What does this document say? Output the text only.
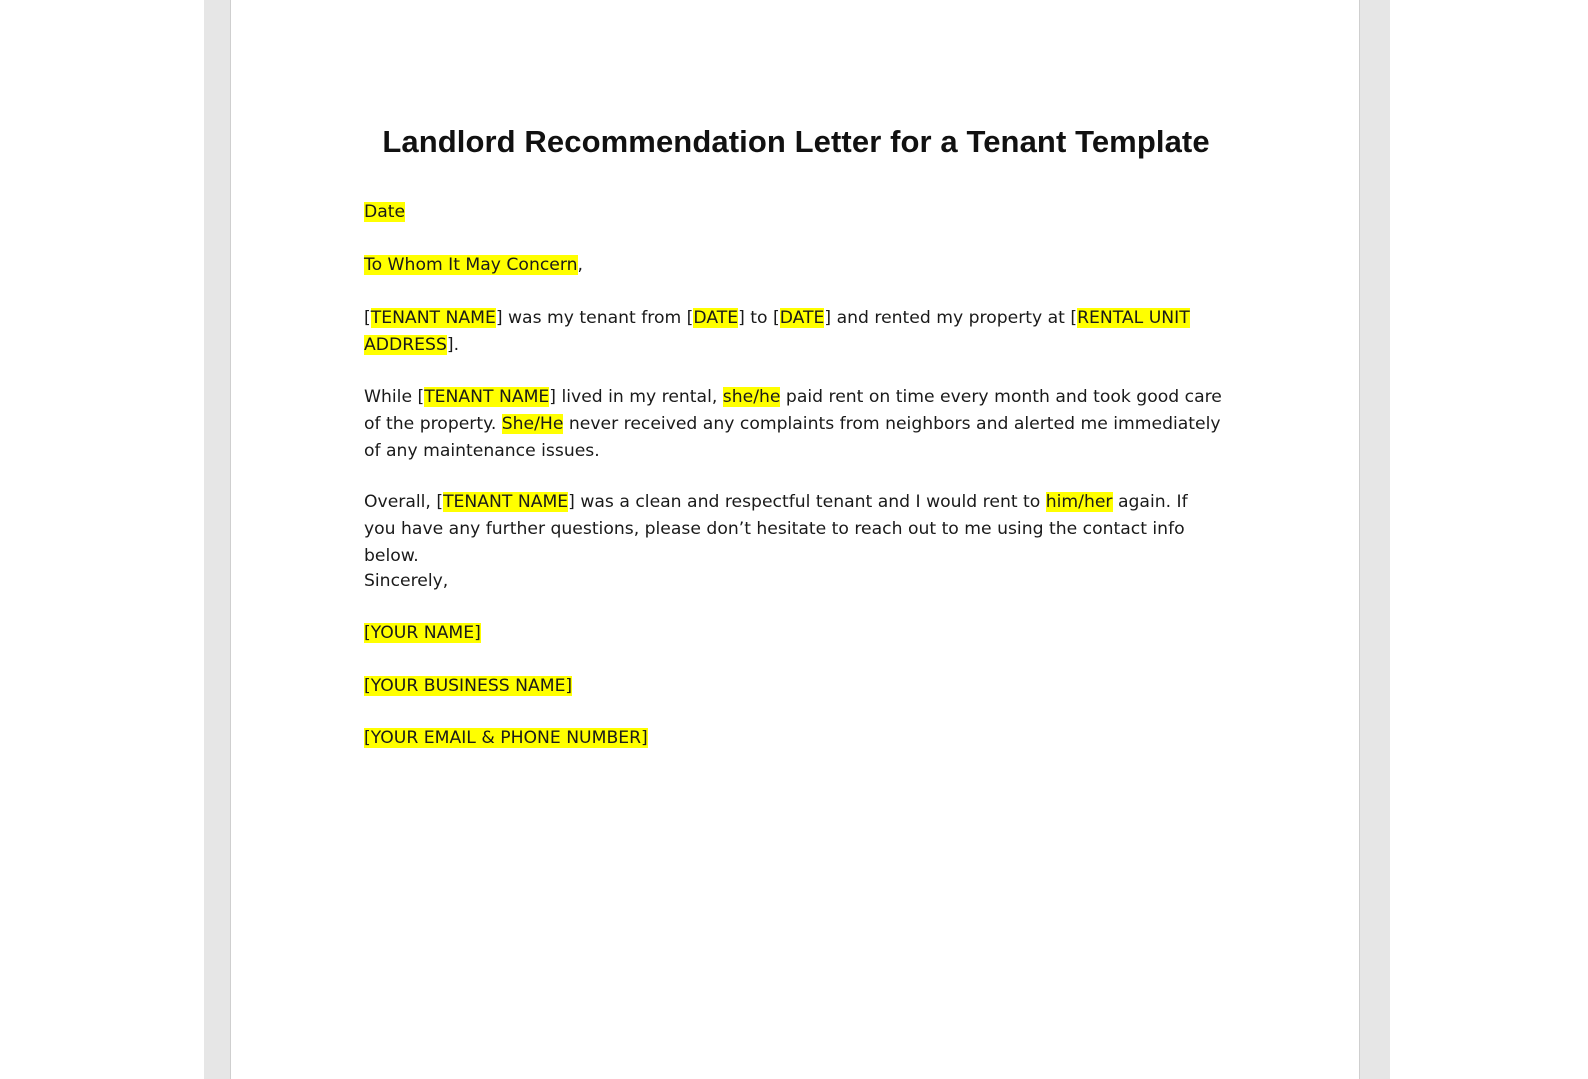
Landlord Recommendation Letter for a Tenant Template
Date
To Whom It May Concern,

[TENANT NAME] was my tenant from [DATE] to [DATE] and rented my property at [RENTAL UNIT ADDRESS].

While [TENANT NAME] lived in my rental, she/he paid rent on time every month and took good care of the property. She/He never received any complaints from neighbors and alerted me immediately of any maintenance issues.

Overall, [TENANT NAME] was a clean and respectful tenant and I would rent to him/her again. If you have any further questions, please don’t hesitate to reach out to me using the contact info below.

Sincerely,
[YOUR NAME]
[YOUR BUSINESS NAME]
[YOUR EMAIL & PHONE NUMBER]
